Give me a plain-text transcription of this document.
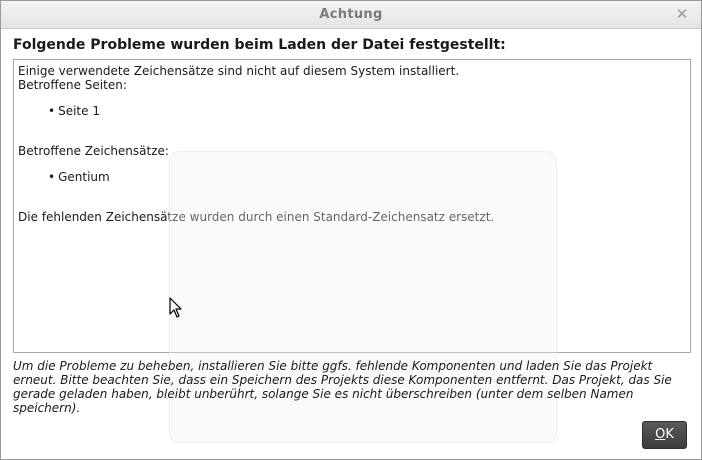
Achtung	✕
Folgende Probleme wurden beim Laden der Datei festgestellt:

Einige verwendete Zeichensätze sind nicht auf diesem System installiert.

Betroffene Seiten:

• Seite 1

Betroffene Zeichensätze:

• Gentium

Die fehlenden Zeichensätze wurden durch einen Standard-Zeichensatz ersetzt.

Um die Probleme zu beheben, installieren Sie bitte ggfs. fehlende Komponenten und laden Sie das Projekt erneut. Bitte beachten Sie, dass ein Speichern des Projekts diese Komponenten entfernt. Das Projekt, das Sie gerade geladen haben, bleibt unberührt, solange Sie es nicht überschreiben (unter dem selben Namen speichern).
OK
